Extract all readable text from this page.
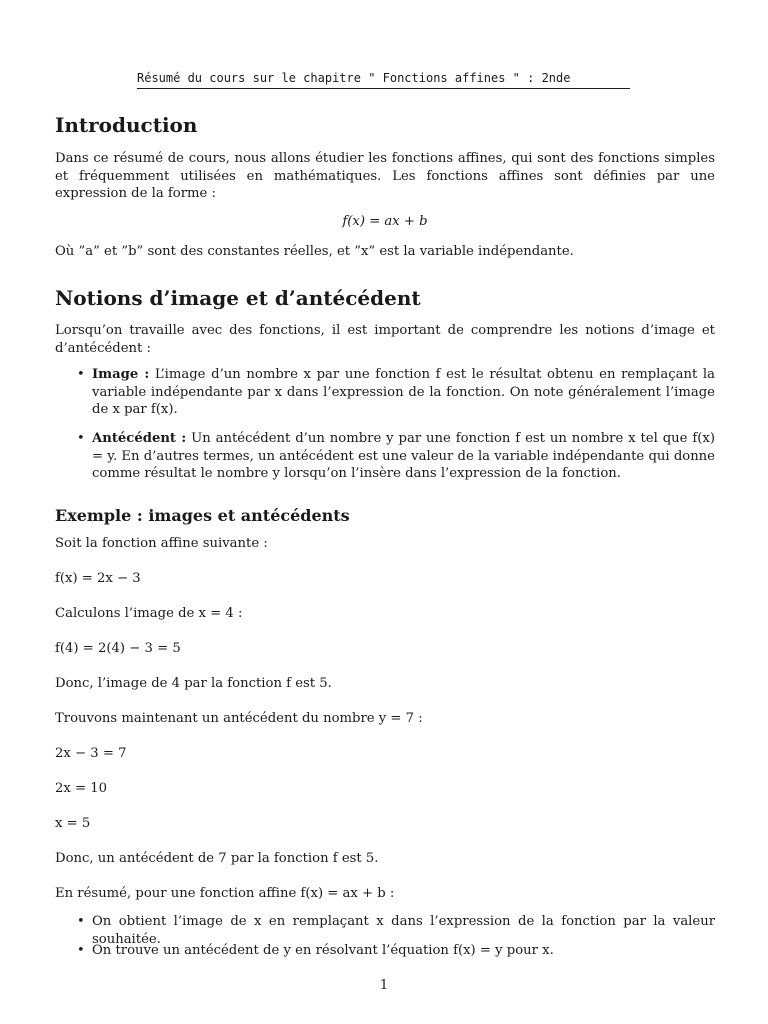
Résumé du cours sur le chapitre " Fonctions affines " : 2nde
Introduction

Dans ce résumé de cours, nous allons étudier les fonctions affines, qui sont des fonctions simples et fréquemment utilisées en mathématiques. Les fonctions affines sont définies par une expression de la forme :

f(x) = ax + b

Où ”a” et ”b” sont des constantes réelles, et ”x” est la variable indépendante.

Notions d’image et d’antécédent

Lorsqu’on travaille avec des fonctions, il est important de comprendre les notions d’image et d’antécédent :

• Image : L’image d’un nombre x par une fonction f est le résultat obtenu en remplaçant la variable indépendante par x dans l’expression de la fonction. On note généralement l’image de x par f(x).
• Antécédent : Un antécédent d’un nombre y par une fonction f est un nombre x tel que f(x) = y. En d’autres termes, un antécédent est une valeur de la variable indépendante qui donne comme résultat le nombre y lorsqu’on l’insère dans l’expression de la fonction.
Exemple : images et antécédents

Soit la fonction affine suivante :

f(x) = 2x − 3

Calculons l’image de x = 4 :

f(4) = 2(4) − 3 = 5

Donc, l’image de 4 par la fonction f est 5.

Trouvons maintenant un antécédent du nombre y = 7 :

2x − 3 = 7

2x = 10

x = 5

Donc, un antécédent de 7 par la fonction f est 5.

En résumé, pour une fonction affine f(x) = ax + b :

• On obtient l’image de x en remplaçant x dans l’expression de la fonction par la valeur souhaitée.
• On trouve un antécédent de y en résolvant l’équation f(x) = y pour x.
1
